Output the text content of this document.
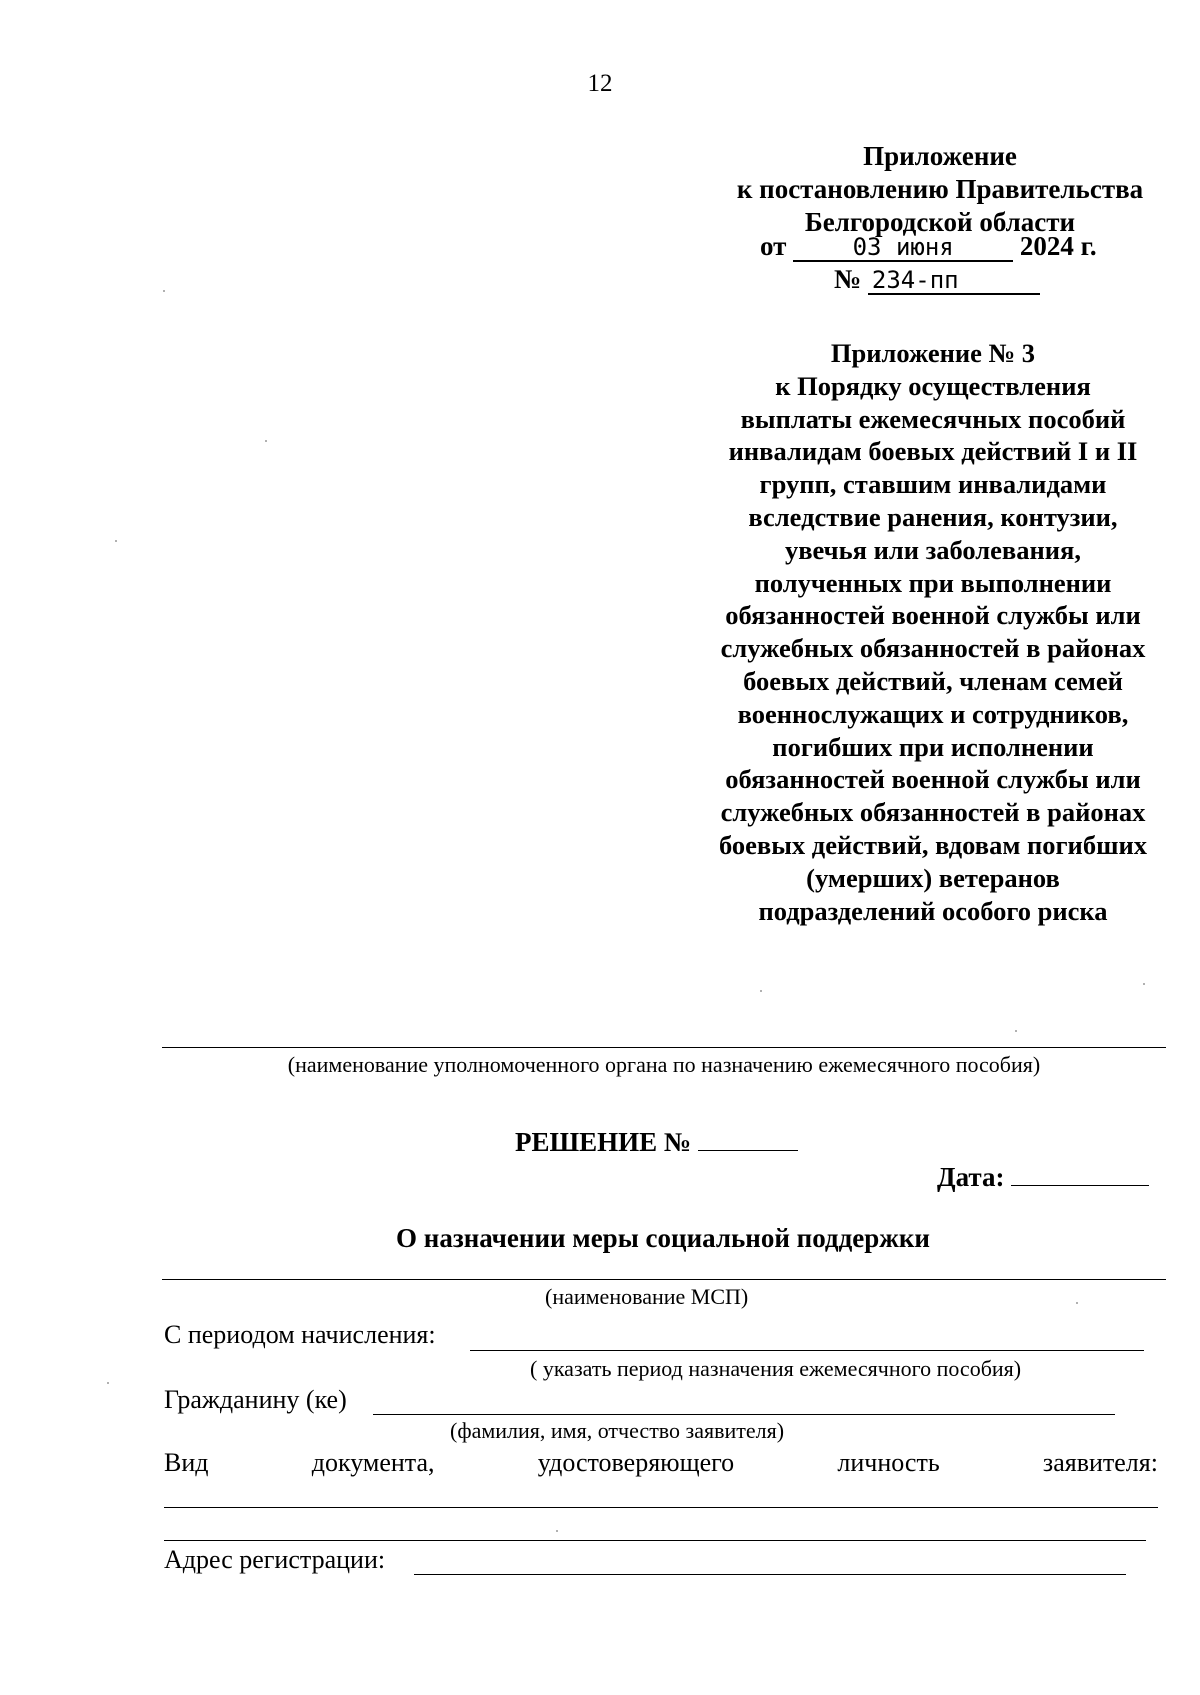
12
Приложение
к постановлению Правительства
Белгородской области
от	03 июня 2024 г.
№ 234-пп
Приложение № 3
к Порядку осуществления
выплаты ежемесячных пособий
инвалидам боевых действий I и II
групп, ставшим инвалидами
вследствие ранения, контузии,
увечья или заболевания,
полученных при выполнении
обязанностей военной службы или
служебных обязанностей в районах
боевых действий, членам семей
военнослужащих и сотрудников,
погибших при исполнении
обязанностей военной службы или
служебных обязанностей в районах
боевых действий, вдовам погибших
(умерших) ветеранов
подразделений особого риска
(наименование уполномоченного органа по назначению ежемесячного пособия)
РЕШЕНИЕ №
Дата:
О назначении меры социальной поддержки
(наименование МСП)
С периодом начисления:
( указать период назначения ежемесячного пособия)
Гражданину (ке)
(фамилия, имя, отчество заявителя)
Вид	документа,	удостоверяющего	личность	заявителя:
Адрес регистрации:
